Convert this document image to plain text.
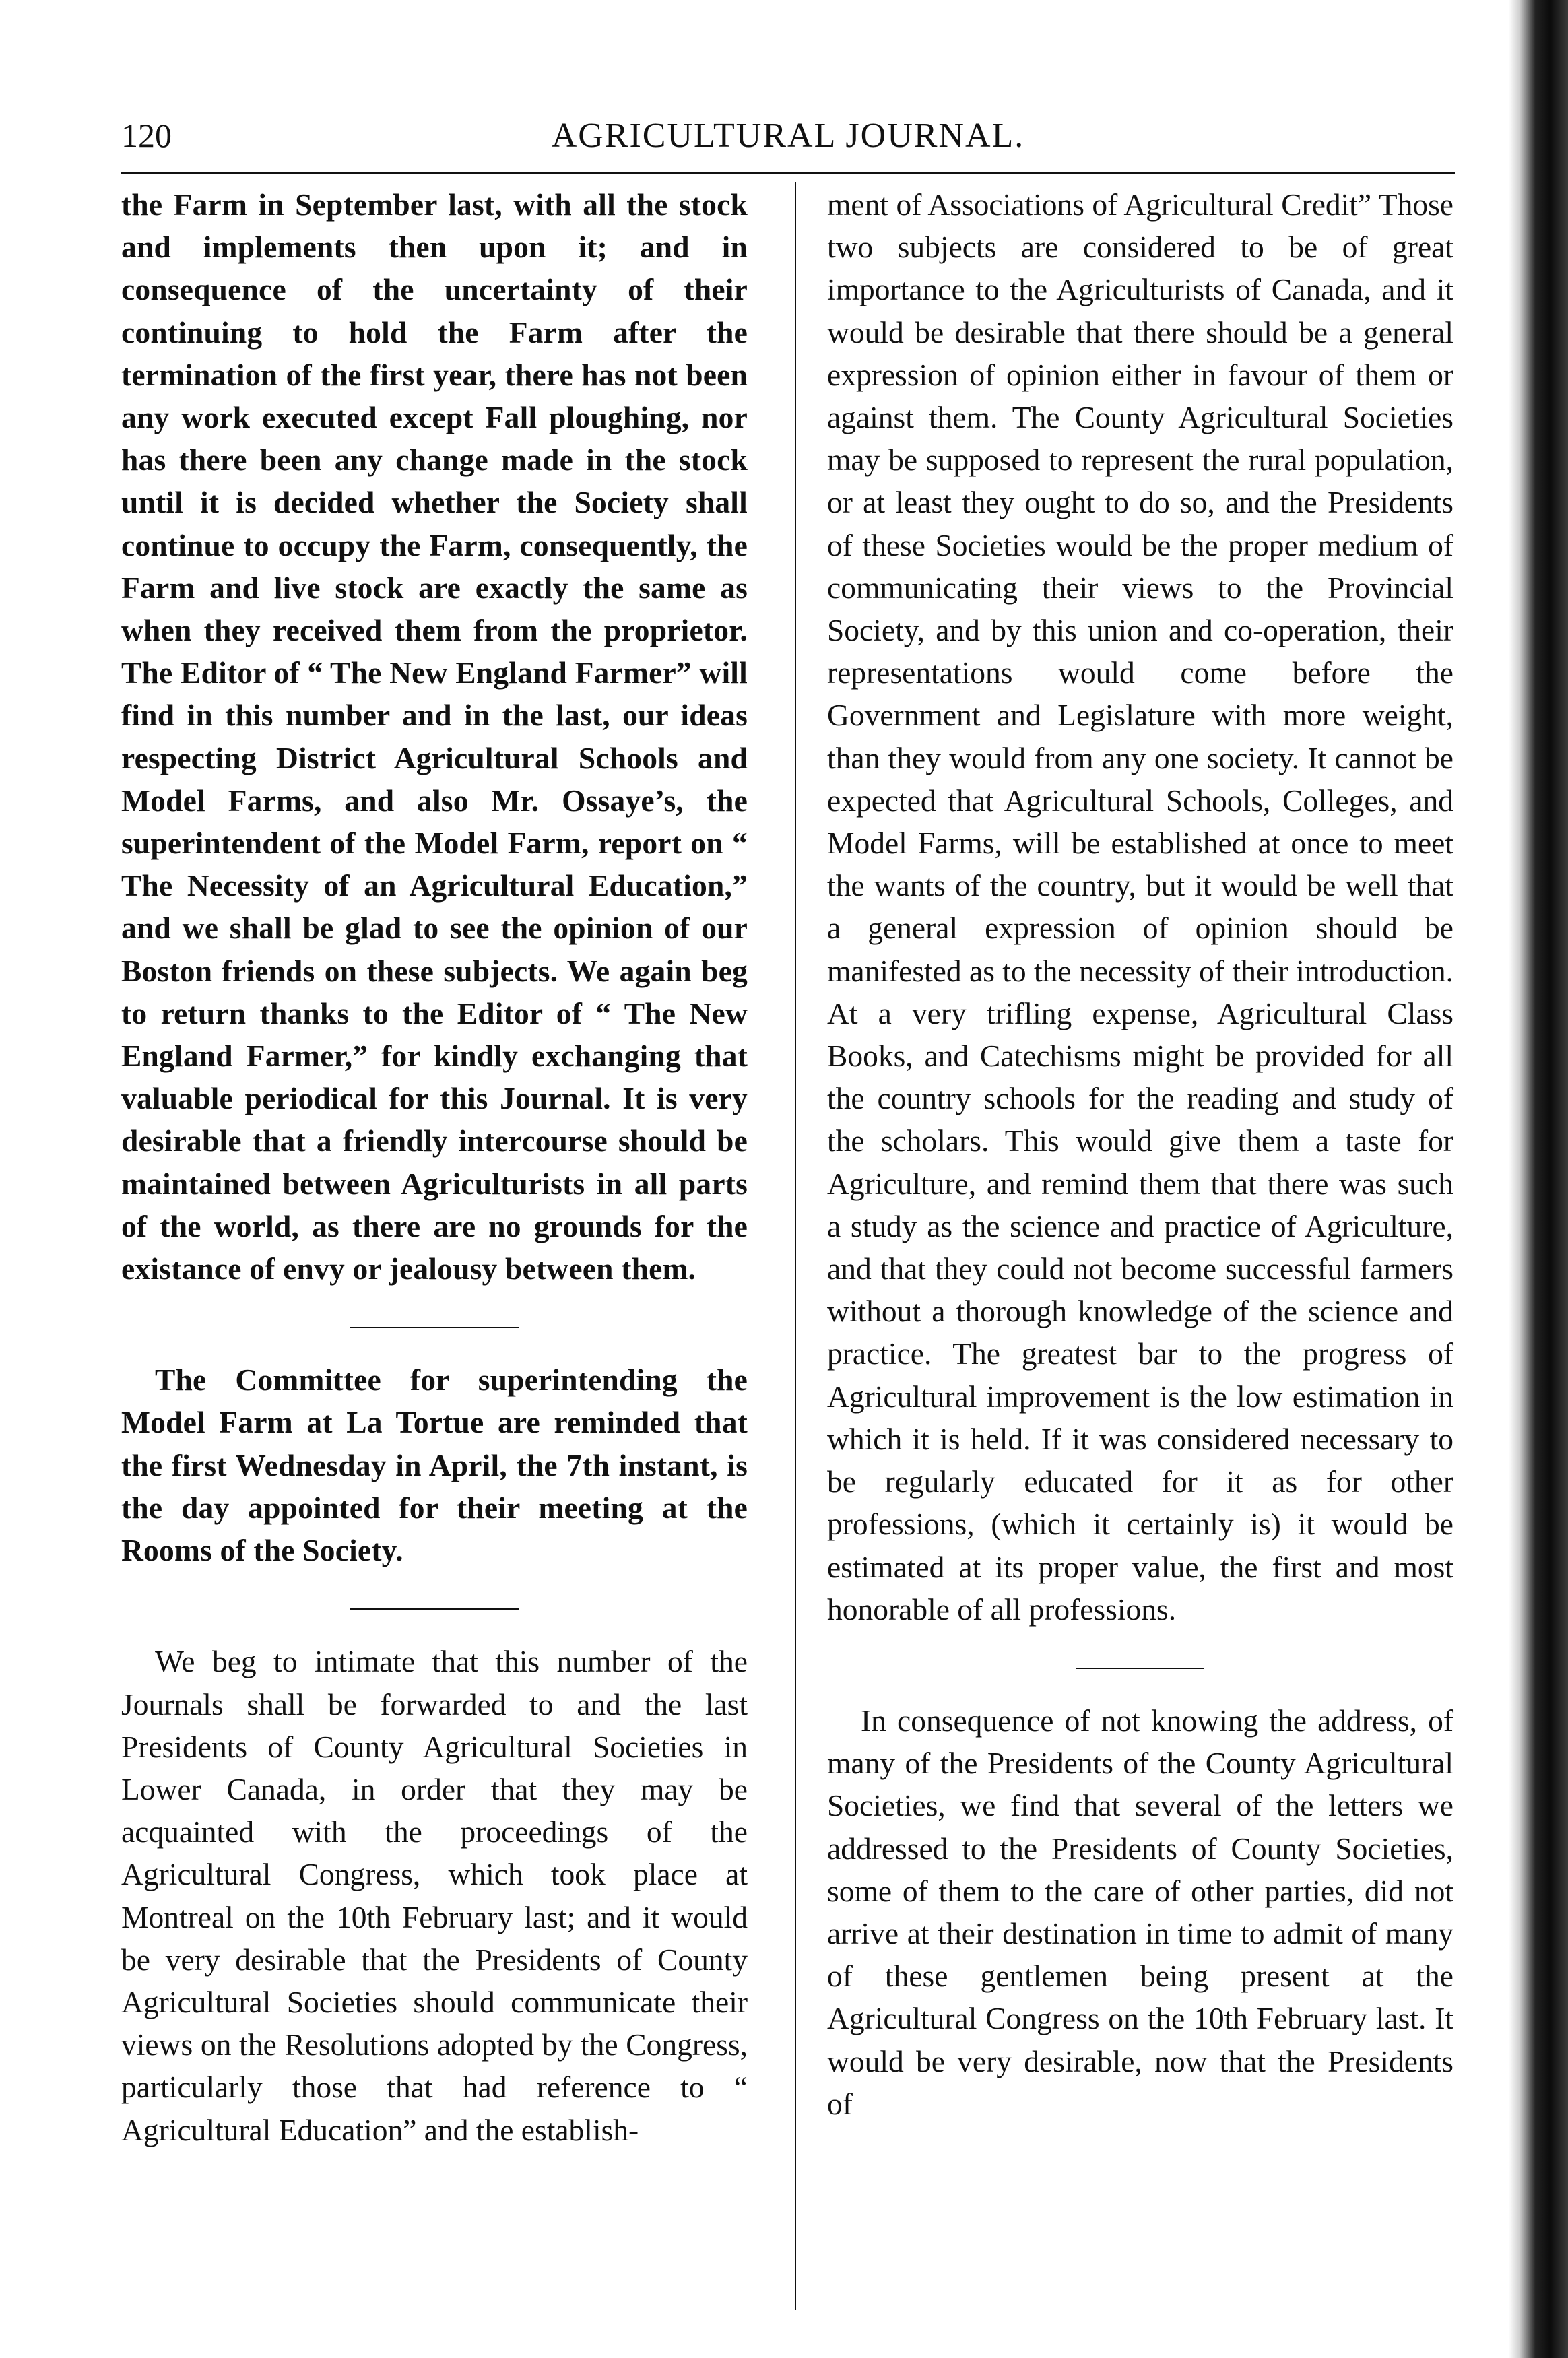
120	AGRICULTURAL JOURNAL.

the Farm in September last, with all the stock and implements then upon it; and in consequence of the uncertainty of their continuing to hold the Farm after the termination of the first year, there has not been any work executed except Fall ploughing, nor has there been any change made in the stock until it is decided whether the Society shall continue to occupy the Farm, consequently, the Farm and live stock are exactly the same as when they received them from the proprietor. The Editor of “ The New England Farmer” will find in this number and in the last, our ideas respecting District Agricultural Schools and Model Farms, and also Mr. Ossaye’s, the superintendent of the Model Farm, report on “ The Necessity of an Agricultural Education,” and we shall be glad to see the opinion of our Boston friends on these subjects. We again beg to return thanks to the Editor of “ The New England Farmer,” for kindly exchanging that valuable periodical for this Journal. It is very desirable that a friendly intercourse should be maintained between Agriculturists in all parts of the world, as there are no grounds for the existance of envy or jealousy between them.

The Committee for superintending the Model Farm at La Tortue are reminded that the first Wednesday in April, the 7th instant, is the day appointed for their meeting at the Rooms of the Society.

We beg to intimate that this number of the Journals shall be forwarded to and the last Presidents of County Agricultural Societies in Lower Canada, in order that they may be acquainted with the proceedings of the Agricultural Congress, which took place at Montreal on the 10th February last; and it would be very desirable that the Presidents of County Agricultural Societies should communicate their views on the Resolutions adopted by the Congress, particularly those that had reference to “ Agricultural Education” and the establish-

ment of Associations of Agricultural Credit” Those two subjects are considered to be of great importance to the Agriculturists of Canada, and it would be desirable that there should be a general expression of opinion either in favour of them or against them. The County Agricultural Societies may be supposed to represent the rural population, or at least they ought to do so, and the Presidents of these Societies would be the proper medium of communicating their views to the Provincial Society, and by this union and co-operation, their representations would come before the Government and Legislature with more weight, than they would from any one society. It cannot be expected that Agricultural Schools, Colleges, and Model Farms, will be established at once to meet the wants of the country, but it would be well that a general expression of opinion should be manifested as to the necessity of their introduction. At a very trifling expense, Agricultural Class Books, and Catechisms might be provided for all the country schools for the reading and study of the scholars. This would give them a taste for Agriculture, and remind them that there was such a study as the science and practice of Agriculture, and that they could not become successful farmers without a thorough knowledge of the science and practice. The greatest bar to the progress of Agricultural improvement is the low estimation in which it is held. If it was considered necessary to be regularly educated for it as for other professions, (which it certainly is) it would be estimated at its proper value, the first and most honorable of all professions.

In consequence of not knowing the address, of many of the Presidents of the County Agricultural Societies, we find that several of the letters we addressed to the Presidents of County Societies, some of them to the care of other parties, did not arrive at their destination in time to admit of many of these gentlemen being present at the Agricultural Congress on the 10th February last. It would be very desirable, now that the Presidents of
